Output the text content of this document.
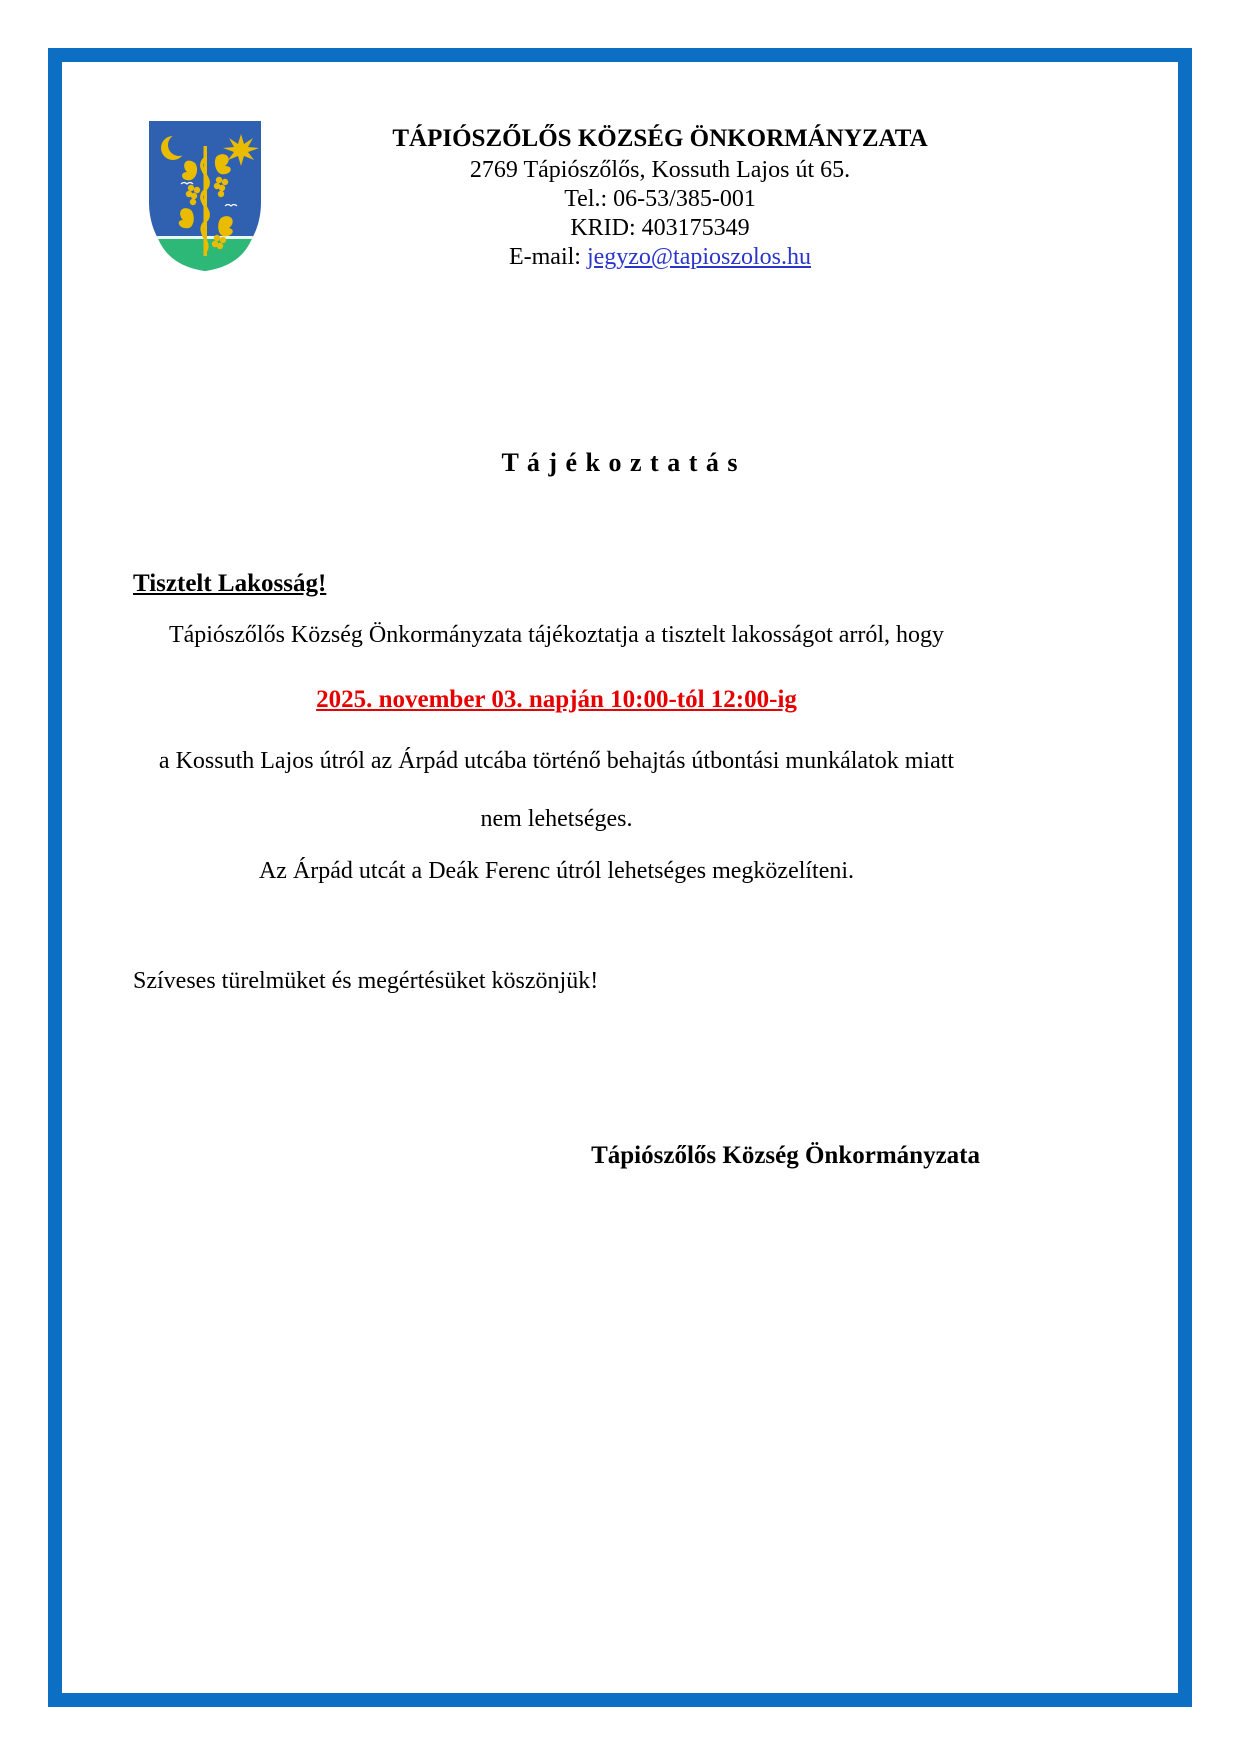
TÁPIÓSZŐLŐS KÖZSÉG ÖNKORMÁNYZATA
2769 Tápiószőlős, Kossuth Lajos út 65.
Tel.: 06-53/385-001
KRID: 403175349
E-mail: jegyzo@tapioszolos.hu
T á j é k o z t a t á s
Tisztelt Lakosság!
Tápiószőlős Község Önkormányzata tájékoztatja a tisztelt lakosságot arról, hogy
2025. november 03. napján 10:00-tól 12:00-ig
a Kossuth Lajos útról az Árpád utcába történő behajtás útbontási munkálatok miatt
nem lehetséges.
Az Árpád utcát a Deák Ferenc útról lehetséges megközelíteni.
Szíveses türelmüket és megértésüket köszönjük!
Tápiószőlős Község Önkormányzata
